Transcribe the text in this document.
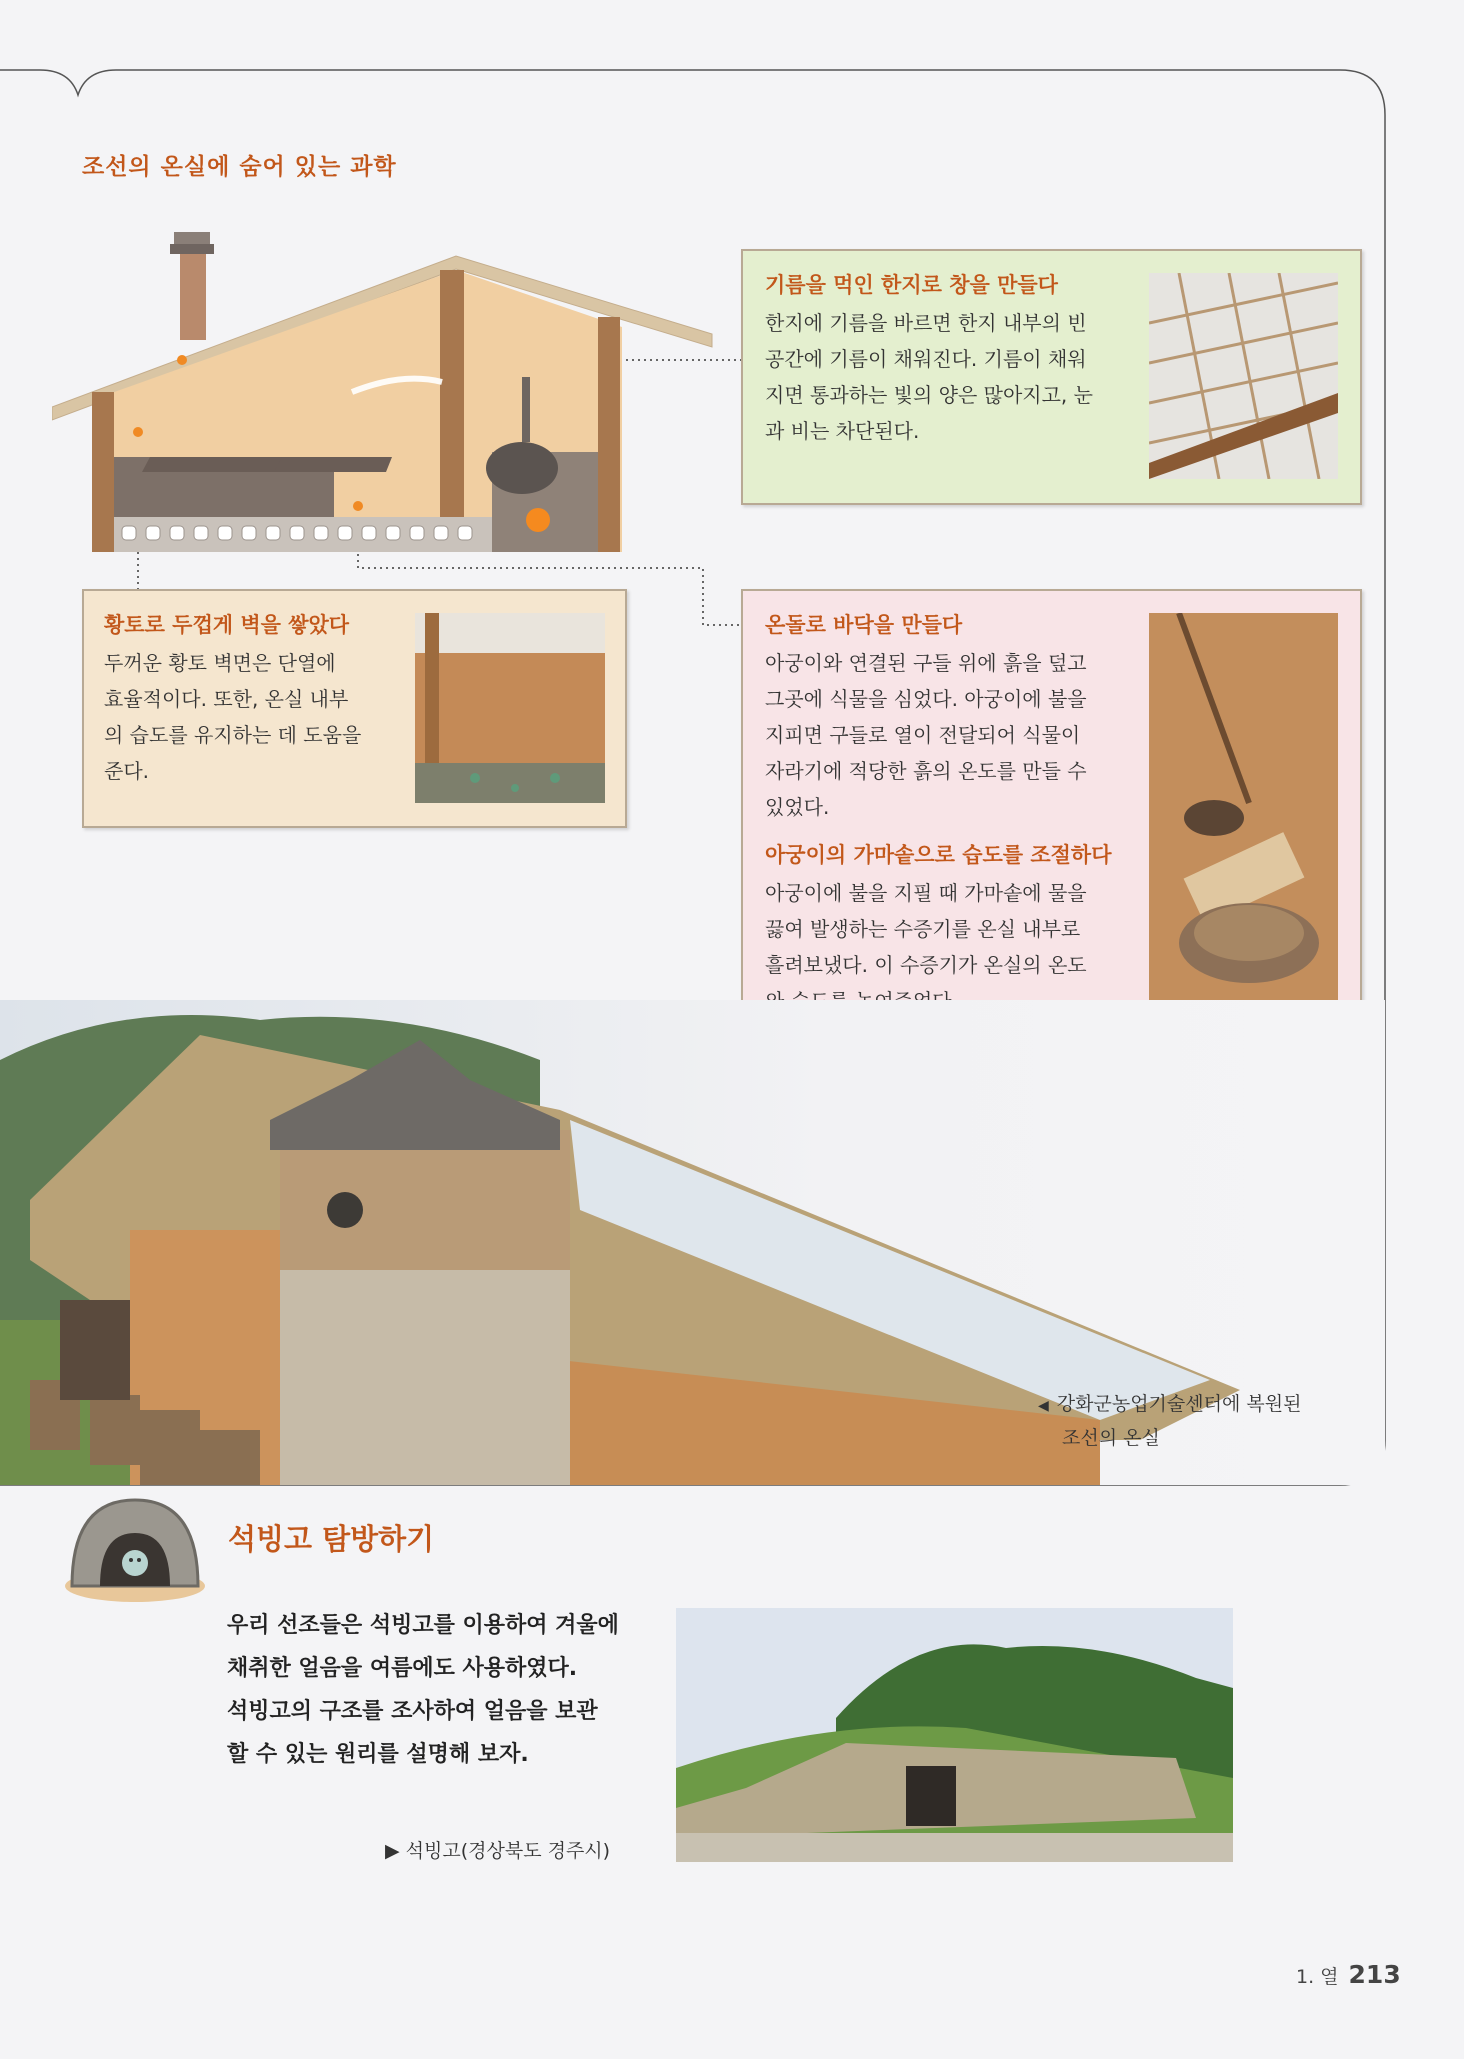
조선의 온실에 숨어 있는 과학
기름을 먹인 한지로 창을 만들다
한지에 기름을 바르면 한지 내부의 빈
공간에 기름이 채워진다. 기름이 채워
지면 통과하는 빛의 양은 많아지고, 눈
과 비는 차단된다.
황토로 두껍게 벽을 쌓았다
두꺼운 황토 벽면은 단열에
효율적이다. 또한, 온실 내부
의 습도를 유지하는 데 도움을
준다.
온돌로 바닥을 만들다
아궁이와 연결된 구들 위에 흙을 덮고
그곳에 식물을 심었다. 아궁이에 불을
지피면 구들로 열이 전달되어 식물이
자라기에 적당한 흙의 온도를 만들 수
있었다.
아궁이의 가마솥으로 습도를 조절하다
아궁이에 불을 지필 때 가마솥에 물을
끓여 발생하는 수증기를 온실 내부로
흘려보냈다. 이 수증기가 온실의 온도
◀ 강화군농업기술센터에 복원된
조선의 온실
석빙고 탐방하기
우리 선조들은 석빙고를 이용하여 겨울에
채취한 얼음을 여름에도 사용하였다.
석빙고의 구조를 조사하여 얼음을 보관
할 수 있는 원리를 설명해 보자.
▶ 석빙고(경상북도 경주시)
1. 열 213
